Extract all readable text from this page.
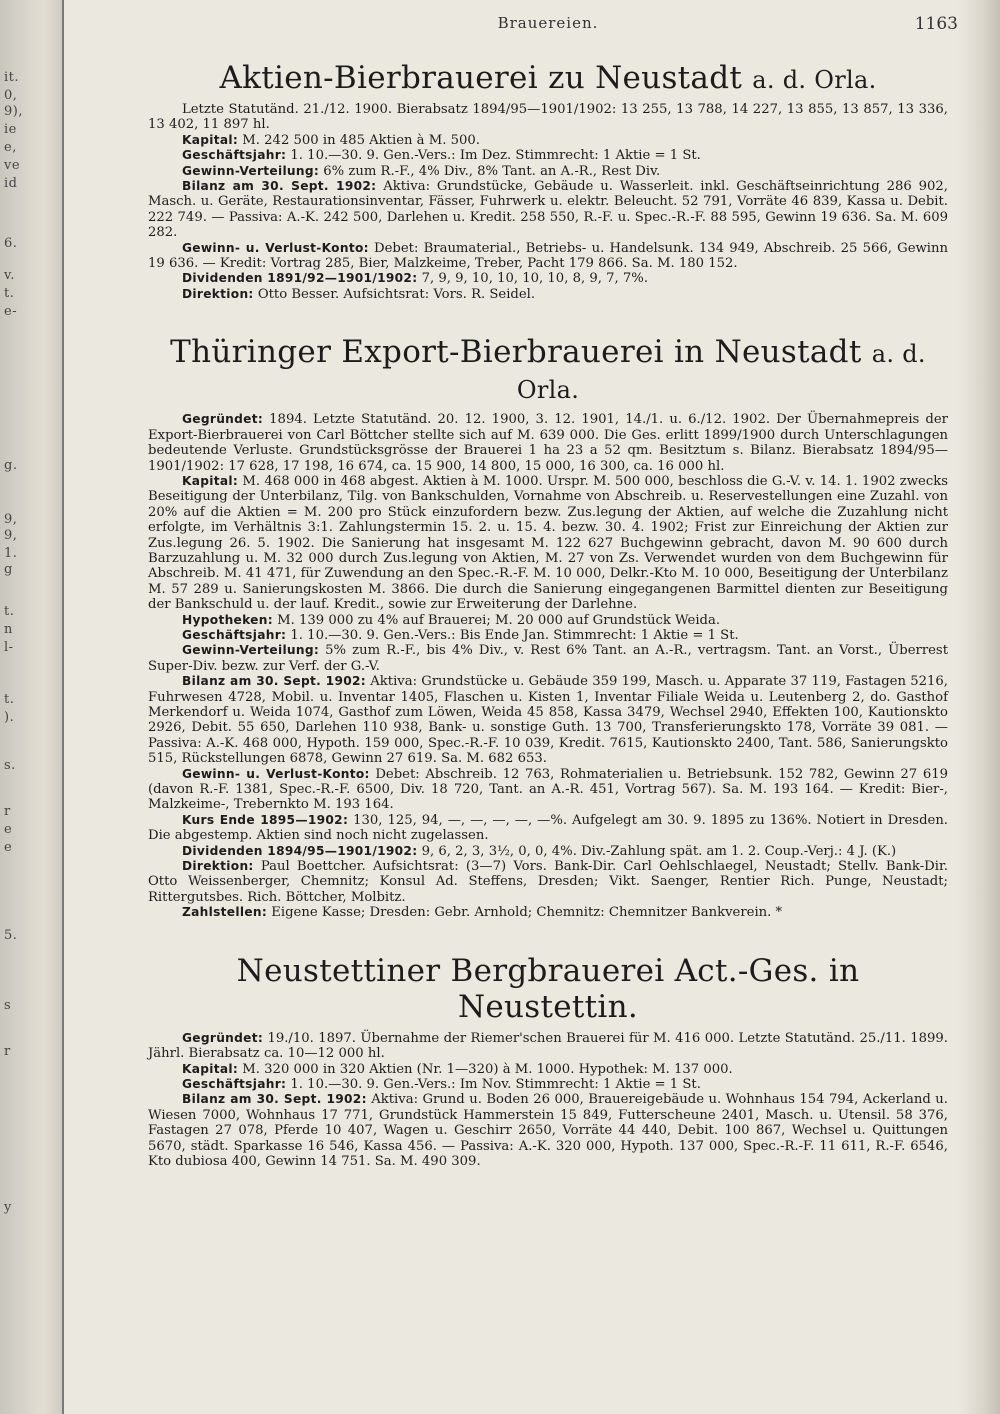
it.
0,
9),
ie
e,
ve
id
6.
v.
t.
e-
g.
9,
9,
1.
g
t.
n
l-
t.
).
s.
r
e
e
5.
s
r
y
Brauereien.	1163
Aktien-Bierbrauerei zu Neustadt a. d. Orla.

Letzte Statutänd. 21./12. 1900. Bierabsatz 1894/95—1901/1902: 13 255, 13 788, 14 227, 13 855, 13 857, 13 336, 13 402, 11 897 hl.

Kapital: M. 242 500 in 485 Aktien à M. 500.

Geschäftsjahr: 1. 10.—30. 9. Gen.-Vers.: Im Dez. Stimmrecht: 1 Aktie = 1 St.

Gewinn-Verteilung: 6% zum R.-F., 4% Div., 8% Tant. an A.-R., Rest Div.

Bilanz am 30. Sept. 1902: Aktiva: Grundstücke, Gebäude u. Wasserleit. inkl. Geschäftseinrichtung 286 902, Masch. u. Geräte, Restaurationsinventar, Fässer, Fuhrwerk u. elektr. Beleucht. 52 791, Vorräte 46 839, Kassa u. Debit. 222 749. — Passiva: A.-K. 242 500, Darlehen u. Kredit. 258 550, R.-F. u. Spec.-R.-F. 88 595, Gewinn 19 636. Sa. M. 609 282.

Gewinn- u. Verlust-Konto: Debet: Braumaterial., Betriebs- u. Handelsunk. 134 949, Abschreib. 25 566, Gewinn 19 636. — Kredit: Vortrag 285, Bier, Malzkeime, Treber, Pacht 179 866. Sa. M. 180 152.

Dividenden 1891/92—1901/1902: 7, 9, 9, 10, 10, 10, 10, 8, 9, 7, 7%.

Direktion: Otto Besser. Aufsichtsrat: Vors. R. Seidel.

Thüringer Export-Bierbrauerei in Neustadt a. d. Orla.

Gegründet: 1894. Letzte Statutänd. 20. 12. 1900, 3. 12. 1901, 14./1. u. 6./12. 1902. Der Übernahmepreis der Export-Bierbrauerei von Carl Böttcher stellte sich auf M. 639 000. Die Ges. erlitt 1899/1900 durch Unterschlagungen bedeutende Verluste. Grundstücksgrösse der Brauerei 1 ha 23 a 52 qm. Besitztum s. Bilanz. Bierabsatz 1894/95—1901/1902: 17 628, 17 198, 16 674, ca. 15 900, 14 800, 15 000, 16 300, ca. 16 000 hl.

Kapital: M. 468 000 in 468 abgest. Aktien à M. 1000. Urspr. M. 500 000, beschloss die G.-V. v. 14. 1. 1902 zwecks Beseitigung der Unterbilanz, Tilg. von Bankschulden, Vornahme von Abschreib. u. Reservestellungen eine Zuzahl. von 20% auf die Aktien = M. 200 pro Stück einzufordern bezw. Zus.legung der Aktien, auf welche die Zuzahlung nicht erfolgte, im Verhältnis 3:1. Zahlungstermin 15. 2. u. 15. 4. bezw. 30. 4. 1902; Frist zur Einreichung der Aktien zur Zus.legung 26. 5. 1902. Die Sanierung hat insgesamt M. 122 627 Buchgewinn gebracht, davon M. 90 600 durch Barzuzahlung u. M. 32 000 durch Zus.legung von Aktien, M. 27 von Zs. Verwendet wurden von dem Buchgewinn für Abschreib. M. 41 471, für Zuwendung an den Spec.-R.-F. M. 10 000, Delkr.-Kto M. 10 000, Beseitigung der Unterbilanz M. 57 289 u. Sanierungskosten M. 3866. Die durch die Sanierung eingegangenen Barmittel dienten zur Beseitigung der Bankschuld u. der lauf. Kredit., sowie zur Erweiterung der Darlehne.

Hypotheken: M. 139 000 zu 4% auf Brauerei; M. 20 000 auf Grundstück Weida.

Geschäftsjahr: 1. 10.—30. 9. Gen.-Vers.: Bis Ende Jan. Stimmrecht: 1 Aktie = 1 St.

Gewinn-Verteilung: 5% zum R.-F., bis 4% Div., v. Rest 6% Tant. an A.-R., vertragsm. Tant. an Vorst., Überrest Super-Div. bezw. zur Verf. der G.-V.

Bilanz am 30. Sept. 1902: Aktiva: Grundstücke u. Gebäude 359 199, Masch. u. Apparate 37 119, Fastagen 5216, Fuhrwesen 4728, Mobil. u. Inventar 1405, Flaschen u. Kisten 1, Inventar Filiale Weida u. Leutenberg 2, do. Gasthof Merkendorf u. Weida 1074, Gasthof zum Löwen, Weida 45 858, Kassa 3479, Wechsel 2940, Effekten 100, Kautionskto 2926, Debit. 55 650, Darlehen 110 938, Bank- u. sonstige Guth. 13 700, Transferierungskto 178, Vorräte 39 081. — Passiva: A.-K. 468 000, Hypoth. 159 000, Spec.-R.-F. 10 039, Kredit. 7615, Kautionskto 2400, Tant. 586, Sanierungskto 515, Rückstellungen 6878, Gewinn 27 619. Sa. M. 682 653.

Gewinn- u. Verlust-Konto: Debet: Abschreib. 12 763, Rohmaterialien u. Betriebsunk. 152 782, Gewinn 27 619 (davon R.-F. 1381, Spec.-R.-F. 6500, Div. 18 720, Tant. an A.-R. 451, Vortrag 567). Sa. M. 193 164. — Kredit: Bier-, Malzkeime-, Trebernkto M. 193 164.

Kurs Ende 1895—1902: 130, 125, 94, —, —, —, —, —%. Aufgelegt am 30. 9. 1895 zu 136%. Notiert in Dresden. Die abgestemp. Aktien sind noch nicht zugelassen.

Dividenden 1894/95—1901/1902: 9, 6, 2, 3, 3½, 0, 0, 4%. Div.-Zahlung spät. am 1. 2. Coup.-Verj.: 4 J. (K.)

Direktion: Paul Boettcher. Aufsichtsrat: (3—7) Vors. Bank-Dir. Carl Oehlschlaegel, Neustadt; Stellv. Bank-Dir. Otto Weissenberger, Chemnitz; Konsul Ad. Steffens, Dresden; Vikt. Saenger, Rentier Rich. Punge, Neustadt; Rittergutsbes. Rich. Böttcher, Molbitz.

Zahlstellen: Eigene Kasse; Dresden: Gebr. Arnhold; Chemnitz: Chemnitzer Bankverein. *

Neustettiner Bergbrauerei Act.-Ges. in Neustettin.

Gegründet: 19./10. 1897. Übernahme der Riemer'schen Brauerei für M. 416 000. Letzte Statutänd. 25./11. 1899. Jährl. Bierabsatz ca. 10—12 000 hl.

Kapital: M. 320 000 in 320 Aktien (Nr. 1—320) à M. 1000. Hypothek: M. 137 000.

Geschäftsjahr: 1. 10.—30. 9. Gen.-Vers.: Im Nov. Stimmrecht: 1 Aktie = 1 St.

Bilanz am 30. Sept. 1902: Aktiva: Grund u. Boden 26 000, Brauereigebäude u. Wohnhaus 154 794, Ackerland u. Wiesen 7000, Wohnhaus 17 771, Grundstück Hammerstein 15 849, Futterscheune 2401, Masch. u. Utensil. 58 376, Fastagen 27 078, Pferde 10 407, Wagen u. Geschirr 2650, Vorräte 44 440, Debit. 100 867, Wechsel u. Quittungen 5670, städt. Sparkasse 16 546, Kassa 456. — Passiva: A.-K. 320 000, Hypoth. 137 000, Spec.-R.-F. 11 611, R.-F. 6546, Kto dubiosa 400, Gewinn 14 751. Sa. M. 490 309.
